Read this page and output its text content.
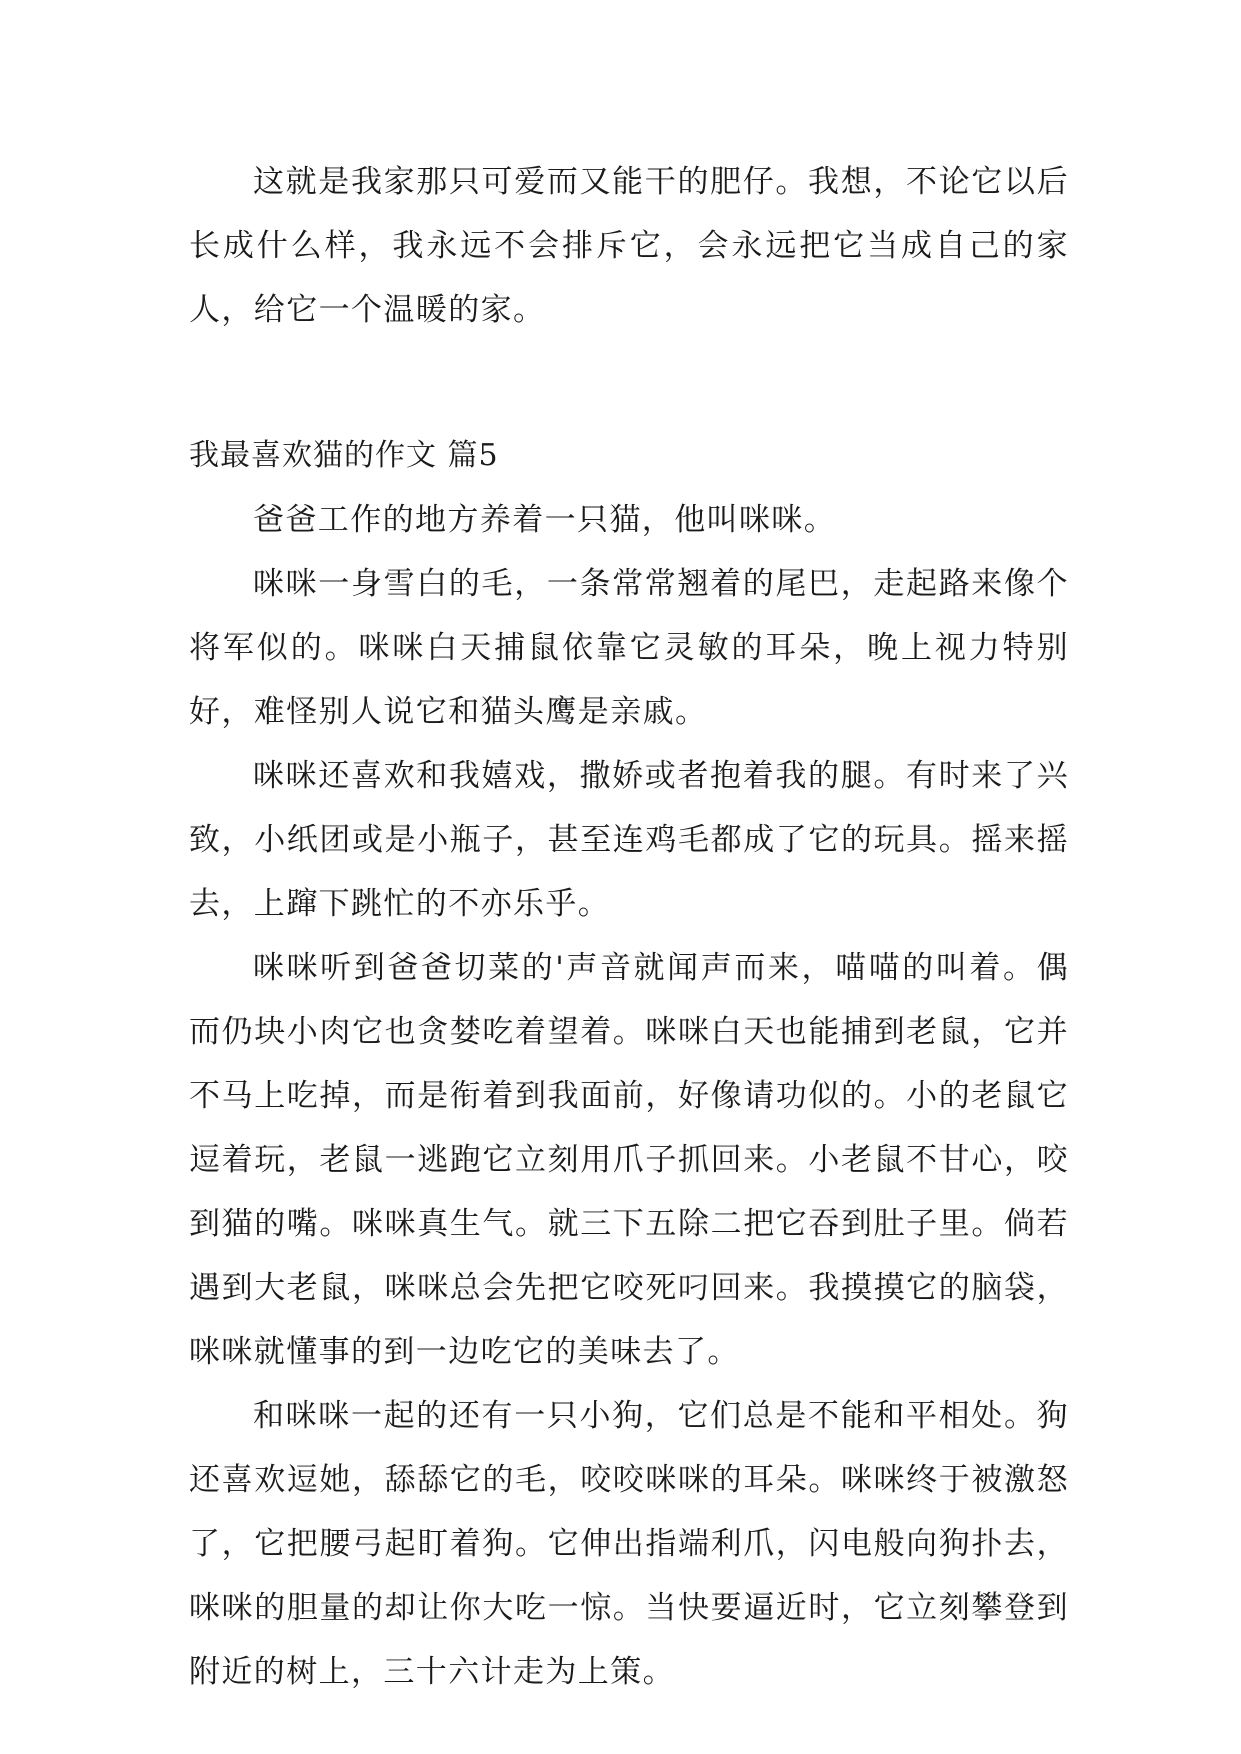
这就是我家那只可爱而又能干的肥仔。我想，不论它以后长成什么样，我永远不会排斥它，会永远把它当成自己的家人，给它一个温暖的家。

我最喜欢猫的作文 篇5

爸爸工作的地方养着一只猫，他叫咪咪。

咪咪一身雪白的毛，一条常常翘着的尾巴，走起路来像个将军似的。咪咪白天捕鼠依靠它灵敏的耳朵，晚上视力特别好，难怪别人说它和猫头鹰是亲戚。

咪咪还喜欢和我嬉戏，撒娇或者抱着我的腿。有时来了兴致，小纸团或是小瓶子，甚至连鸡毛都成了它的玩具。摇来摇去，上蹿下跳忙的不亦乐乎。

咪咪听到爸爸切菜的'声音就闻声而来，喵喵的叫着。偶而仍块小肉它也贪婪吃着望着。咪咪白天也能捕到老鼠，它并不马上吃掉，而是衔着到我面前，好像请功似的。小的老鼠它逗着玩，老鼠一逃跑它立刻用爪子抓回来。小老鼠不甘心，咬到猫的嘴。咪咪真生气。就三下五除二把它吞到肚子里。倘若遇到大老鼠，咪咪总会先把它咬死叼回来。我摸摸它的脑袋，咪咪就懂事的到一边吃它的美味去了。

和咪咪一起的还有一只小狗，它们总是不能和平相处。狗还喜欢逗她，舔舔它的毛，咬咬咪咪的耳朵。咪咪终于被激怒了，它把腰弓起盯着狗。它伸出指端利爪，闪电般向狗扑去，咪咪的胆量的却让你大吃一惊。当快要逼近时，它立刻攀登到附近的树上，三十六计走为上策。
